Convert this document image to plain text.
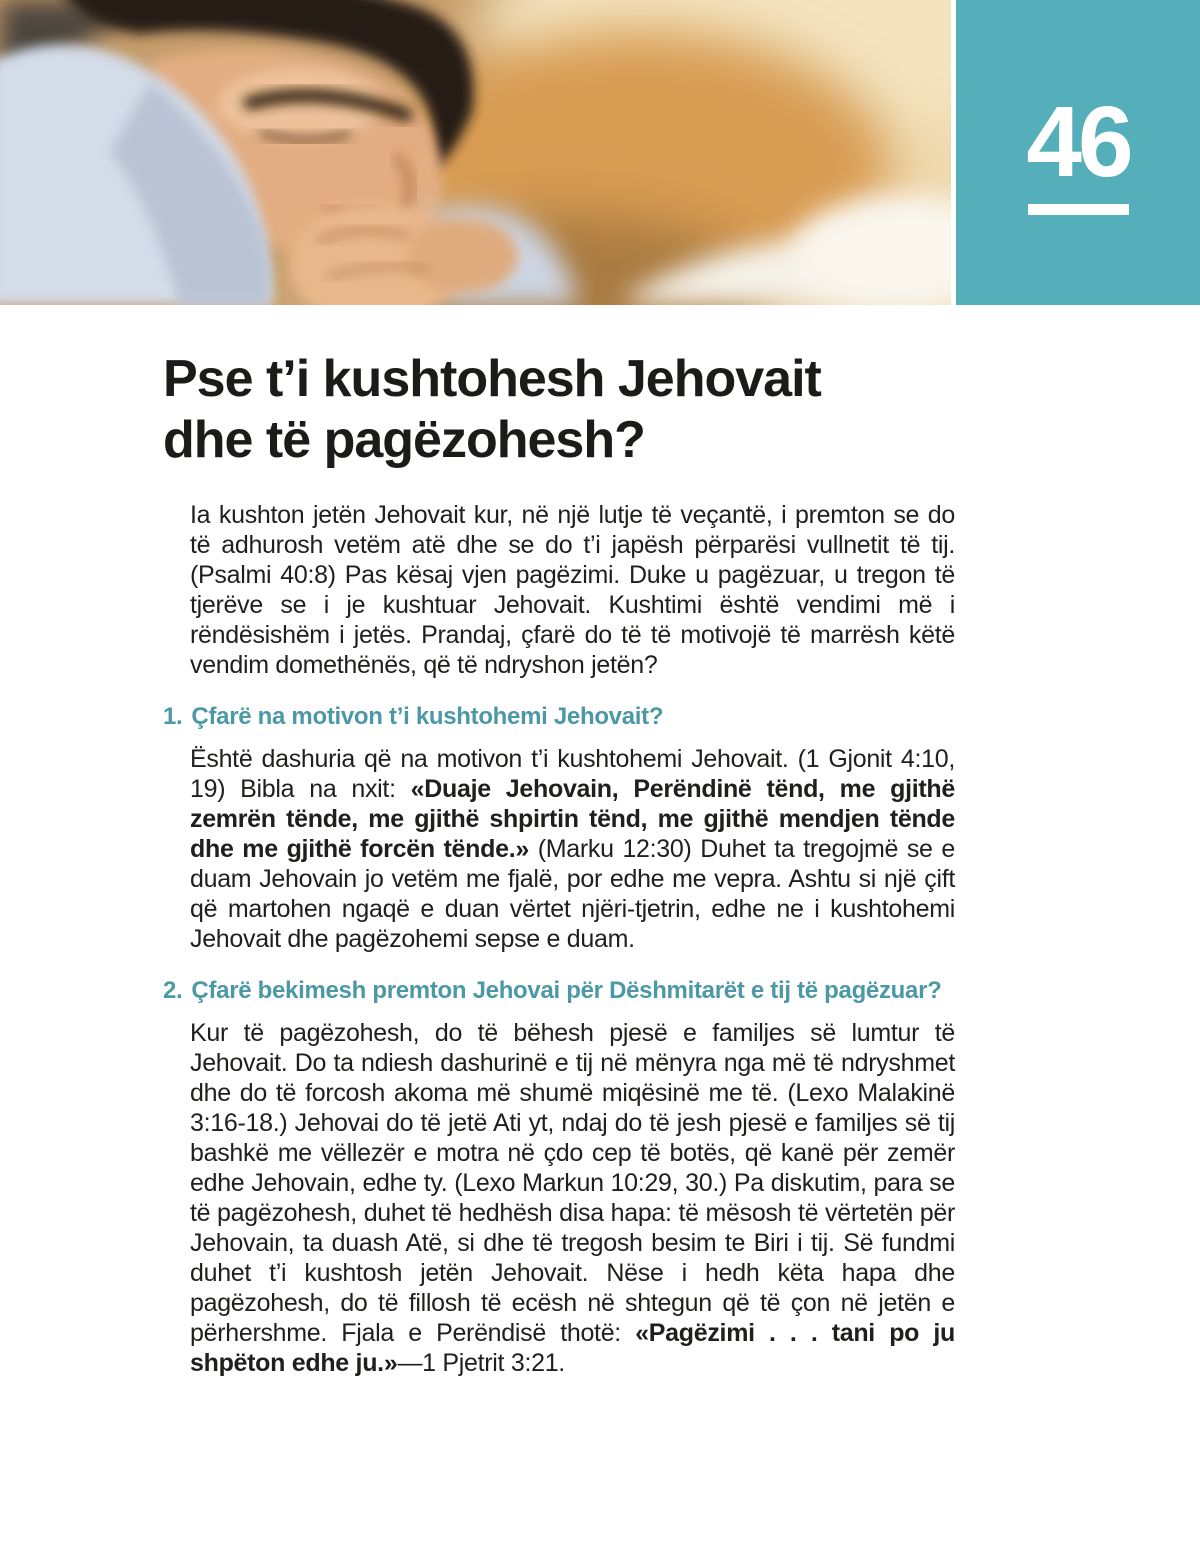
46
Pse t’i kushtohesh Jehovait
dhe të pagëzohesh?

Ia kushton jetën Jehovait kur, në një lutje të veçantë, i premton se do të adhurosh vetëm atë dhe se do t’i japësh përparësi vullnetit të tij. (Psalmi 40:8) Pas kësaj vjen pagëzimi. Duke u pagëzuar, u tregon të tjerëve se i je kushtuar Jehovait. Kushtimi është vendimi më i rëndësishëm i jetës. Prandaj, çfarë do të të motivojë të marrësh këtë vendim domethënës, që të ndryshon jetën?

1. Çfarë na motivon t’i kushtohemi Jehovait?

Është dashuria që na motivon t’i kushtohemi Jehovait. (1 Gjonit 4:10, 19) Bibla na nxit: «Duaje Jehovain, Perëndinë tënd, me gjithë zemrën tënde, me gjithë shpirtin tënd, me gjithë mendjen tënde dhe me gjithë forcën tënde.» (Marku 12:30) Duhet ta tregojmë se e duam Jehovain jo vetëm me fjalë, por edhe me vepra. Ashtu si një çift që martohen ngaqë e duan vërtet njëri-tjetrin, edhe ne i kushtohemi Jehovait dhe pagëzohemi sepse e duam.

2. Çfarë bekimesh premton Jehovai për Dëshmitarët e tij të pagëzuar?

Kur të pagëzohesh, do të bëhesh pjesë e familjes së lumtur të Jehovait. Do ta ndiesh dashurinë e tij në mënyra nga më të ndryshmet dhe do të forcosh akoma më shumë miqësinë me të. (Lexo Malakinë 3:16-18.) Jehovai do të jetë Ati yt, ndaj do të jesh pjesë e familjes së tij bashkë me vëllezër e motra në çdo cep të botës, që kanë për zemër edhe Jehovain, edhe ty. (Lexo Markun 10:29, 30.) Pa diskutim, para se të pagëzohesh, duhet të hedhësh disa hapa: të mësosh të vërtetën për Jehovain, ta duash Atë, si dhe të tregosh besim te Biri i tij. Së fundmi duhet t’i kushtosh jetën Jehovait. Nëse i hedh këta hapa dhe pagëzohesh, do të fillosh të ecësh në shtegun që të çon në jetën e përhershme. Fjala e Perëndisë thotë: «Pagëzimi . . . tani po ju shpëton edhe ju.»—1 Pjetrit 3:21.
